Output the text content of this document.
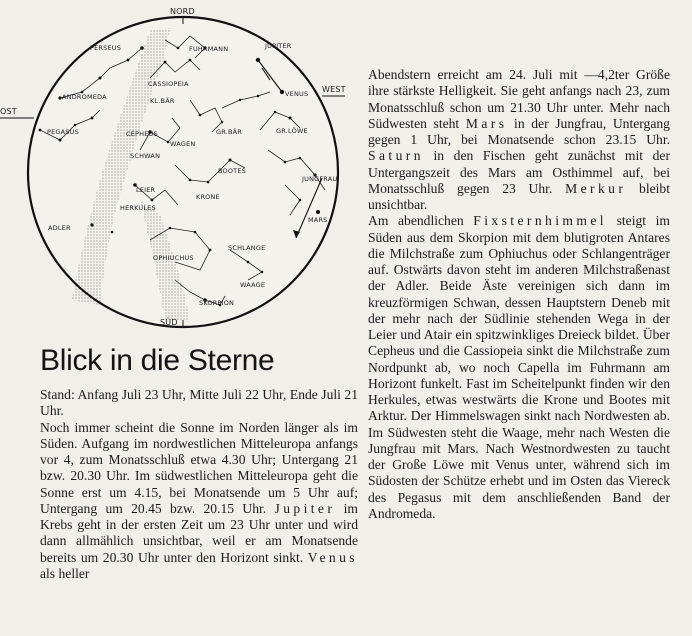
NORD
SÜD
OST
WEST
PERSEUS	FUHRMANN	JUPITER
CASSIOPEIA
ANDROMEDA	KL.BÄR
VENUS
PEGASUS	CEPHEUS	GR.BÄR	GR.LÖWE
WAGEN
SCHWAN
BOOTES
JUNGFRAU
LEIER
KRONE
HERKULES
MARS
ADLER
SCHLANGE
OPHIUCHUS
WAAGE
SKORPION
Blick in die Sterne

Stand: Anfang Juli 23 Uhr, Mitte Juli 22 Uhr, Ende Juli 21 Uhr.

Noch immer scheint die Sonne im Norden länger als im Süden. Aufgang im nordwestlichen Mitteleuropa anfangs vor 4, zum Monatsschluß etwa 4.30 Uhr; Untergang 21 bzw. 20.30 Uhr. Im südwestlichen Mitteleuropa geht die Sonne erst um 4.15, bei Monatsende um 5 Uhr auf; Untergang um 20.45 bzw. 20.15 Uhr. Jupiter im Krebs geht in der ersten Zeit um 23 Uhr unter und wird dann allmählich unsichtbar, weil er am Monatsende bereits um 20.30 Uhr unter den Horizont sinkt. Venus als heller

Abendstern erreicht am 24. Juli mit —4,2ter Größe ihre stärkste Helligkeit. Sie geht anfangs nach 23, zum Monatsschluß schon um 21.30 Uhr unter. Mehr nach Südwesten steht Mars in der Jungfrau, Untergang gegen 1 Uhr, bei Monatsende schon 23.15 Uhr. Saturn in den Fischen geht zunächst mit der Untergangszeit des Mars am Osthimmel auf, bei Monatsschluß gegen 23 Uhr. Merkur bleibt unsichtbar.

Am abendlichen Fixsternhimmel steigt im Süden aus dem Skorpion mit dem blutigroten Antares die Milchstraße zum Ophiuchus oder Schlangenträger auf. Ostwärts davon steht im anderen Milchstraßenast der Adler. Beide Äste vereinigen sich dann im kreuzförmigen Schwan, dessen Hauptstern Deneb mit der mehr nach der Südlinie stehenden Wega in der Leier und Atair ein spitzwinkliges Dreieck bildet. Über Cepheus und die Cassiopeia sinkt die Milchstraße zum Nordpunkt ab, wo noch Capella im Fuhrmann am Horizont funkelt. Fast im Scheitelpunkt finden wir den Herkules, etwas westwärts die Krone und Bootes mit Arktur. Der Himmelswagen sinkt nach Nordwesten ab. Im Südwesten steht die Waage, mehr nach Westen die Jungfrau mit Mars. Nach Westnordwesten zu taucht der Große Löwe mit Venus unter, während sich im Südosten der Schütze erhebt und im Osten das Viereck des Pegasus mit dem anschließenden Band der Andromeda.
